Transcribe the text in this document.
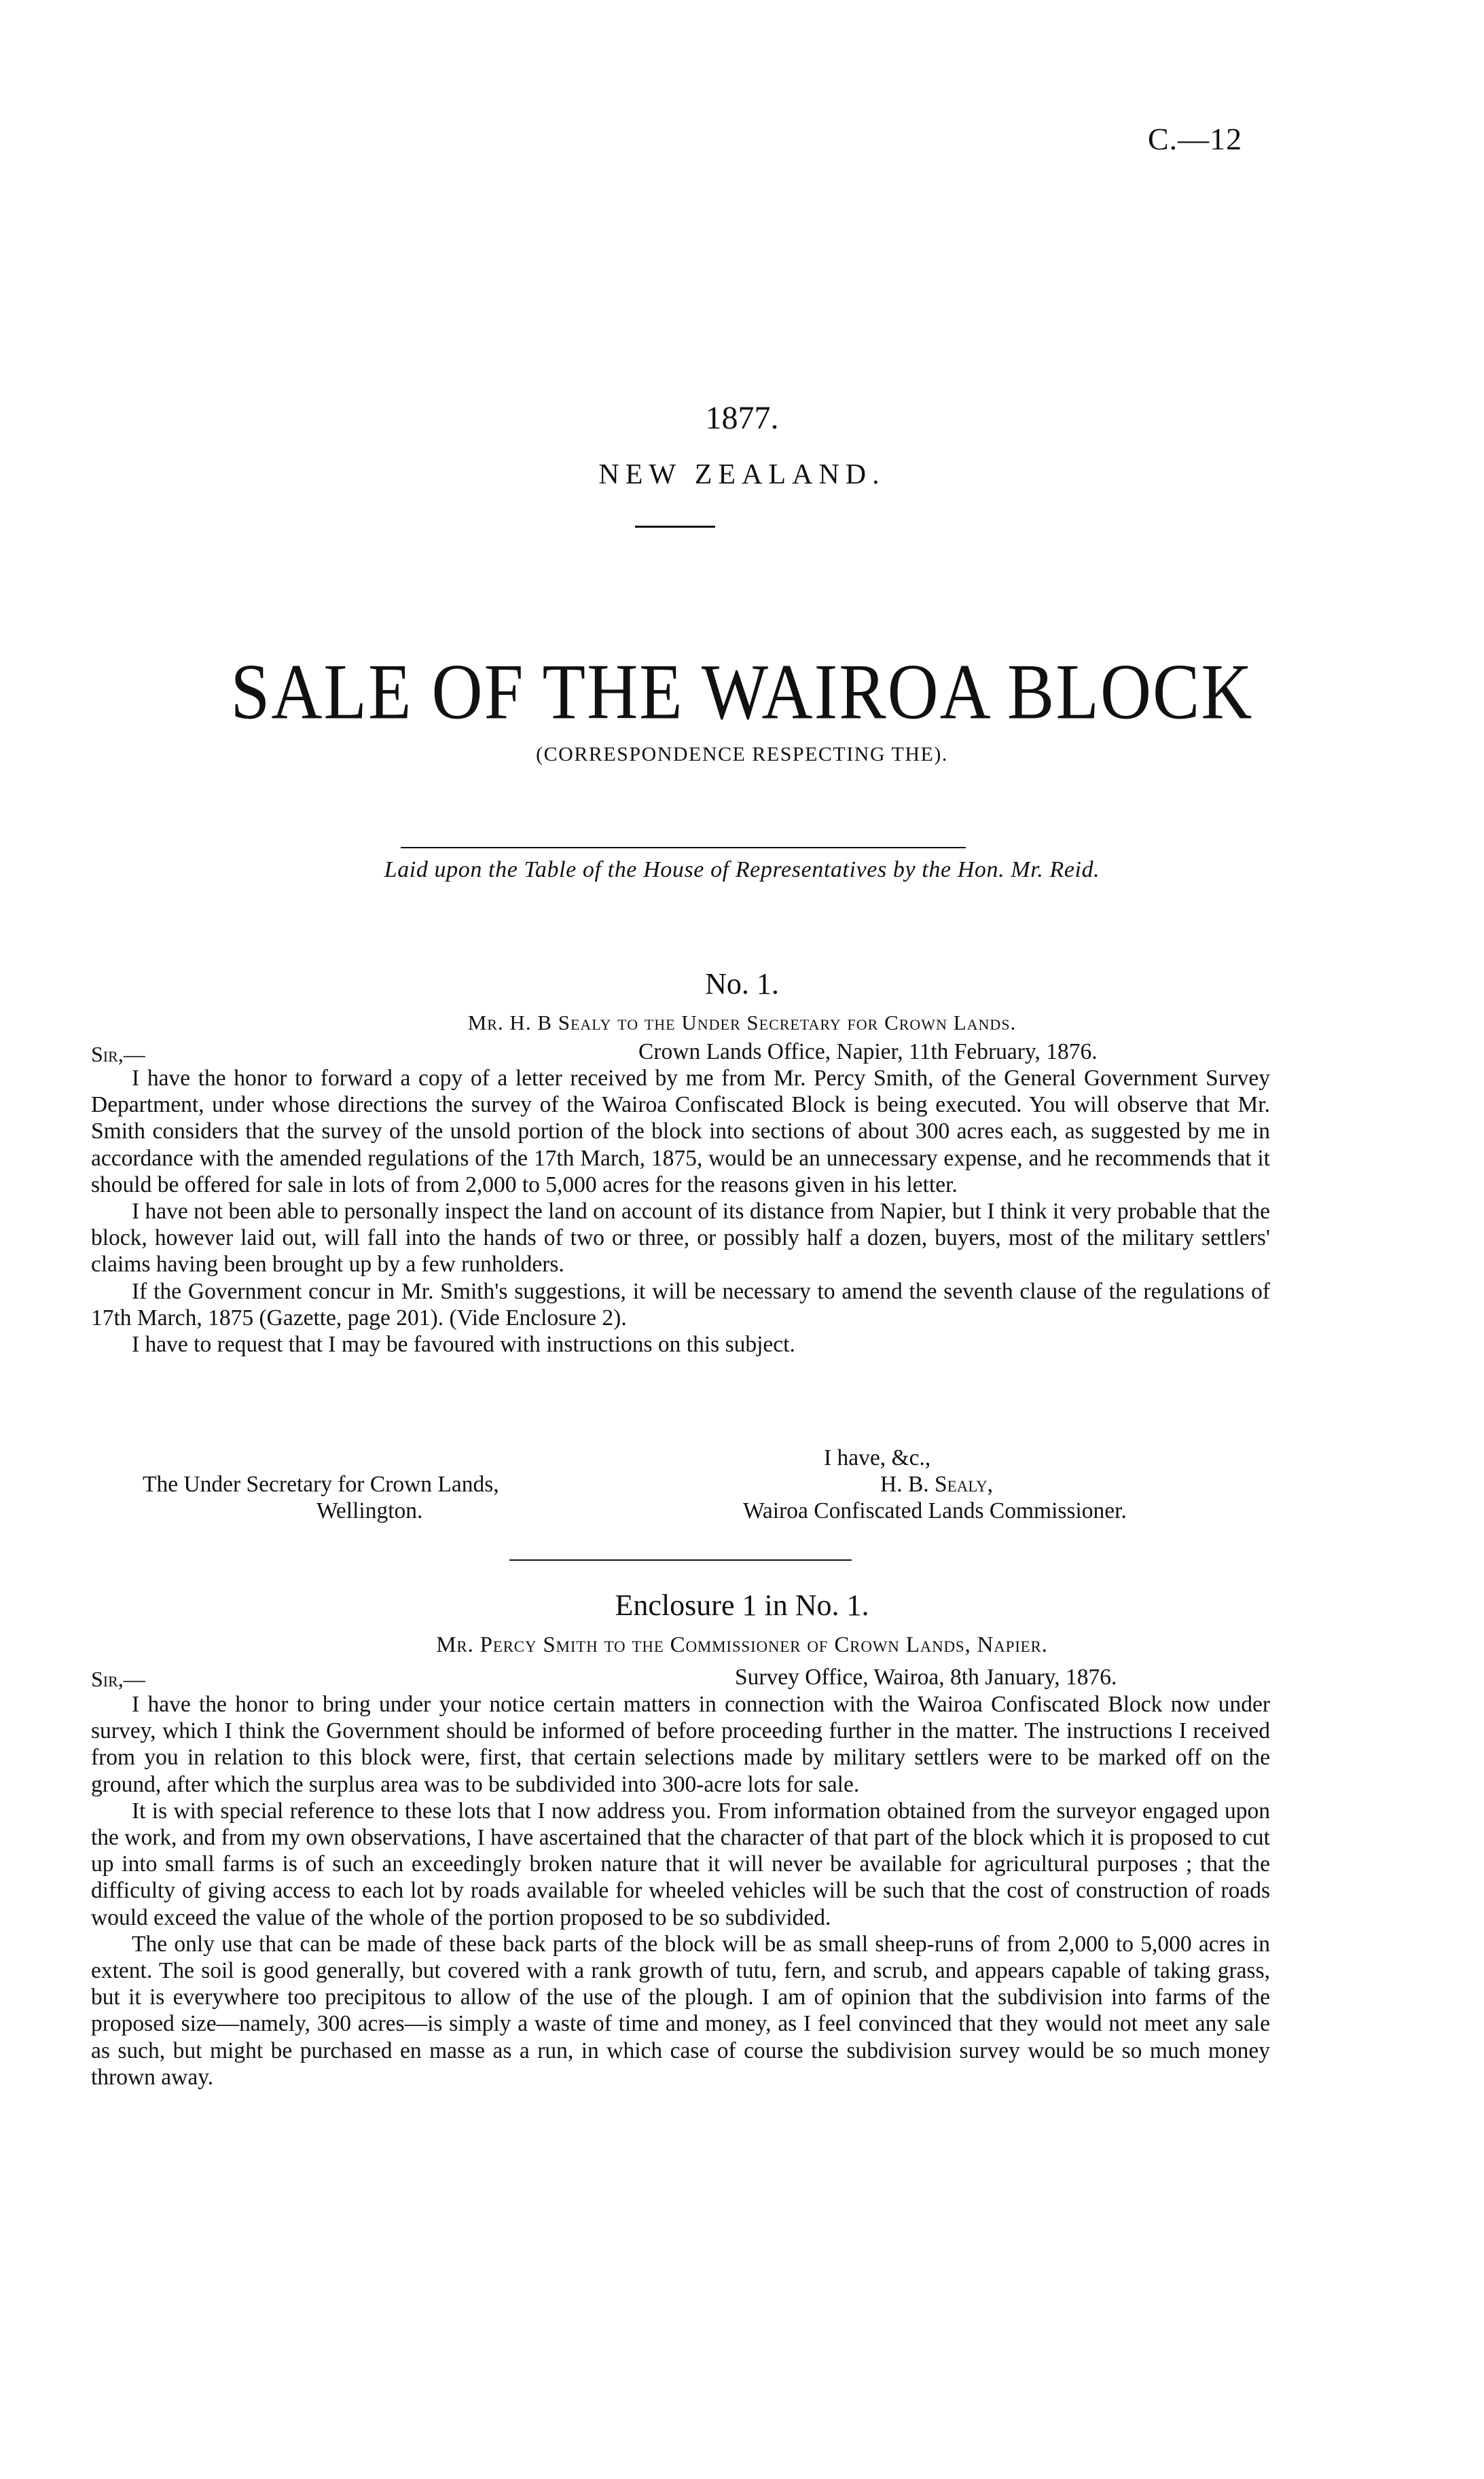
C.—12
1877.
NEW ZEALAND.
SALE OF THE WAIROA BLOCK
(CORRESPONDENCE RESPECTING THE).
Laid upon the Table of the House of Representatives by the Hon. Mr. Reid.
No. 1.
Mr. H. B Sealy to the Under Secretary for Crown Lands.
Sir,—	Crown Lands Office, Napier, 11th February, 1876.

I have the honor to forward a copy of a letter received by me from Mr. Percy Smith, of the General Government Survey Department, under whose directions the survey of the Wairoa Confiscated Block is being executed. You will observe that Mr. Smith considers that the survey of the unsold portion of the block into sections of about 300 acres each, as suggested by me in accordance with the amended regulations of the 17th March, 1875, would be an unnecessary expense, and he recommends that it should be offered for sale in lots of from 2,000 to 5,000 acres for the reasons given in his letter.

I have not been able to personally inspect the land on account of its distance from Napier, but I think it very probable that the block, however laid out, will fall into the hands of two or three, or possibly half a dozen, buyers, most of the military settlers' claims having been brought up by a few runholders.

If the Government concur in Mr. Smith's suggestions, it will be necessary to amend the seventh clause of the regulations of 17th March, 1875 (Gazette, page 201). (Vide Enclosure 2).

I have to request that I may be favoured with instructions on this subject.

I have, &c.,
The Under Secretary for Crown Lands,	H. B. Sealy,
Wellington.	Wairoa Confiscated Lands Commissioner.
Enclosure 1 in No. 1.
Mr. Percy Smith to the Commissioner of Crown Lands, Napier.
Sir,—	Survey Office, Wairoa, 8th January, 1876.

I have the honor to bring under your notice certain matters in connection with the Wairoa Confiscated Block now under survey, which I think the Government should be informed of before proceeding further in the matter. The instructions I received from you in relation to this block were, first, that certain selections made by military settlers were to be marked off on the ground, after which the surplus area was to be subdivided into 300-acre lots for sale.

It is with special reference to these lots that I now address you. From information obtained from the surveyor engaged upon the work, and from my own observations, I have ascertained that the character of that part of the block which it is proposed to cut up into small farms is of such an exceedingly broken nature that it will never be available for agricultural purposes ; that the difficulty of giving access to each lot by roads available for wheeled vehicles will be such that the cost of construction of roads would exceed the value of the whole of the portion proposed to be so subdivided.

The only use that can be made of these back parts of the block will be as small sheep-runs of from 2,000 to 5,000 acres in extent. The soil is good generally, but covered with a rank growth of tutu, fern, and scrub, and appears capable of taking grass, but it is everywhere too precipitous to allow of the use of the plough. I am of opinion that the subdivision into farms of the proposed size—namely, 300 acres—is simply a waste of time and money, as I feel convinced that they would not meet any sale as such, but might be purchased en masse as a run, in which case of course the subdivision survey would be so much money thrown away.
